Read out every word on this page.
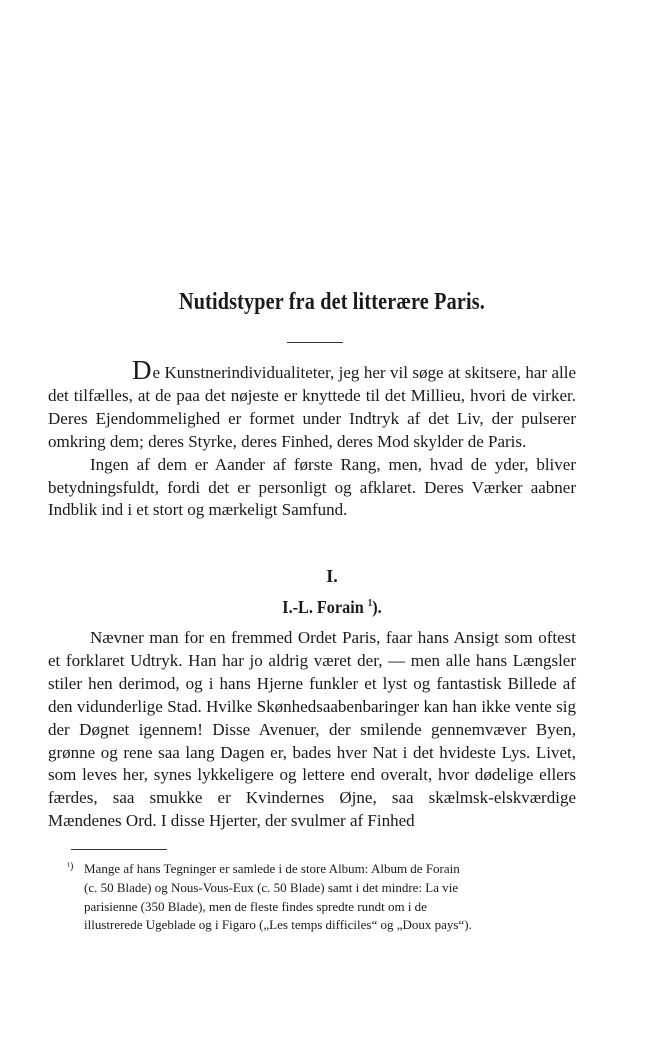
Nutidstyper fra det litterære Paris.

De Kunstnerindividualiteter, jeg her vil søge at skitsere, har alle det tilfælles, at de paa det nøjeste er knyttede til det Millieu, hvori de virker. Deres Ejendommelighed er formet under Indtryk af det Liv, der pulserer omkring dem; deres Styrke, deres Finhed, deres Mod skylder de Paris.

Ingen af dem er Aander af første Rang, men, hvad de yder, bliver betydningsfuldt, fordi det er personligt og afklaret. Deres Værker aabner Indblik ind i et stort og mærkeligt Samfund.

I.
I.-L. Forain $^1$).

Nævner man for en fremmed Ordet Paris, faar hans Ansigt som oftest et forklaret Udtryk. Han har jo aldrig været der, — men alle hans Længsler stiler hen derimod, og i hans Hjerne funkler et lyst og fantastisk Billede af den vidunderlige Stad. Hvilke Skønhedsaabenbaringer kan han ikke vente sig der Døgnet igennem! Disse Avenuer, der smilende gennemvæver Byen, grønne og rene saa lang Dagen er, bades hver Nat i det hvideste Lys. Livet, som leves her, synes lykkeligere og lettere end overalt, hvor dødelige ellers færdes, saa smukke er Kvindernes Øjne, saa skælmsk-elskværdige Mændenes Ord. I disse Hjerter, der svulmer af Finhed

¹) Mange af hans Tegninger er samlede i de store Album: Album de Forain
(c. 50 Blade) og Nous-Vous-Eux (c. 50 Blade) samt i det mindre: La vie
parisienne (350 Blade), men de fleste findes spredte rundt om i de
illustrerede Ugeblade og i Figaro („Les temps difficiles“ og „Doux pays“).
